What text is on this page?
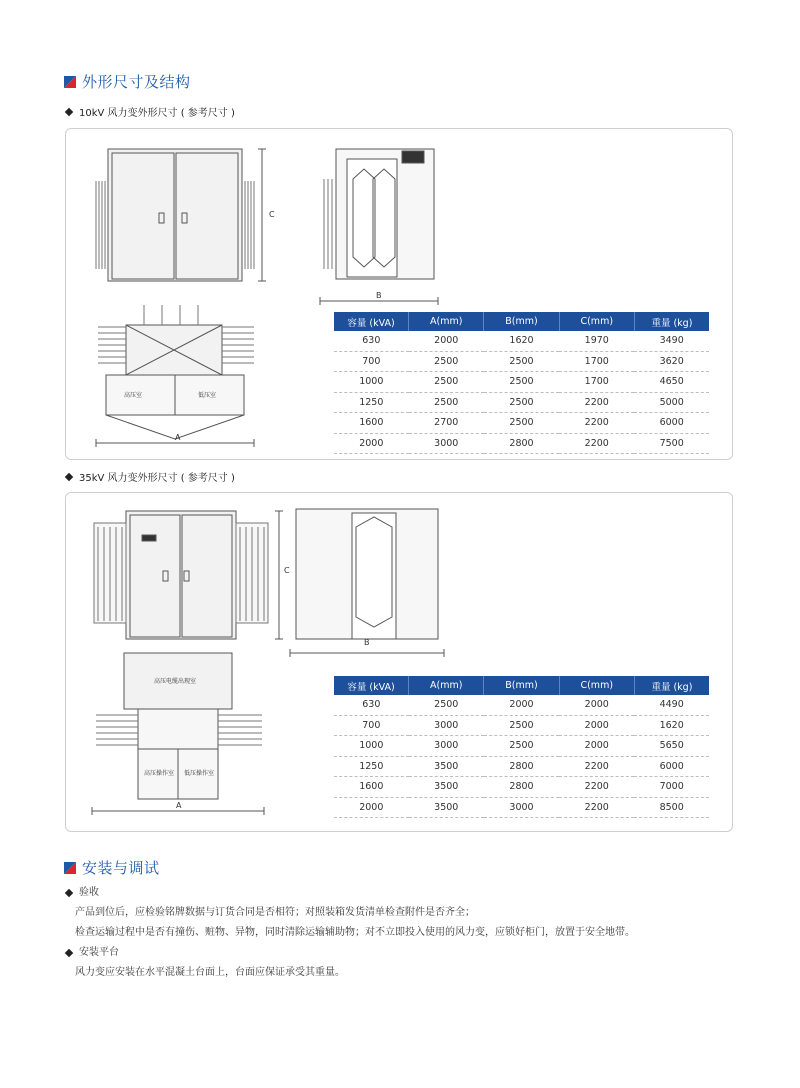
外形尺寸及结构
10kV 风力变外形尺寸 ( 参考尺寸 )
C
B
A
高压室	低压室
容量 (kVA)	A(mm)	B(mm)	C(mm)	重量 (kg)
630	2000	1620	1970	3490
700	2500	2500	1700	3620
1000	2500	2500	1700	4650
1250	2500	2500	2200	5000
1600	2700	2500	2200	6000
2000	3000	2800	2200	7500
35kV 风力变外形尺寸 ( 参考尺寸 )
C
B
A
高压电缆出现室
高压操作室 低压操作室
容量 (kVA)	A(mm)	B(mm)	C(mm)	重量 (kg)
630	2500	2000	2000	4490
700	3000	2500	2000	1620
1000	3000	2500	2000	5650
1250	3500	2800	2200	6000
1600	3500	2800	2200	7000
2000	3500	3000	2200	8500
安装与调试
验收
产品到位后，应检验铭牌数据与订货合同是否相符；对照装箱发货清单检查附件是否齐全；
检查运输过程中是否有撞伤、赃物、异物，同时清除运输辅助物；对不立即投入使用的风力变，应锁好柜门，放置于安全地带。
安装平台
风力变应安装在水平混凝土台面上，台面应保证承受其重量。
